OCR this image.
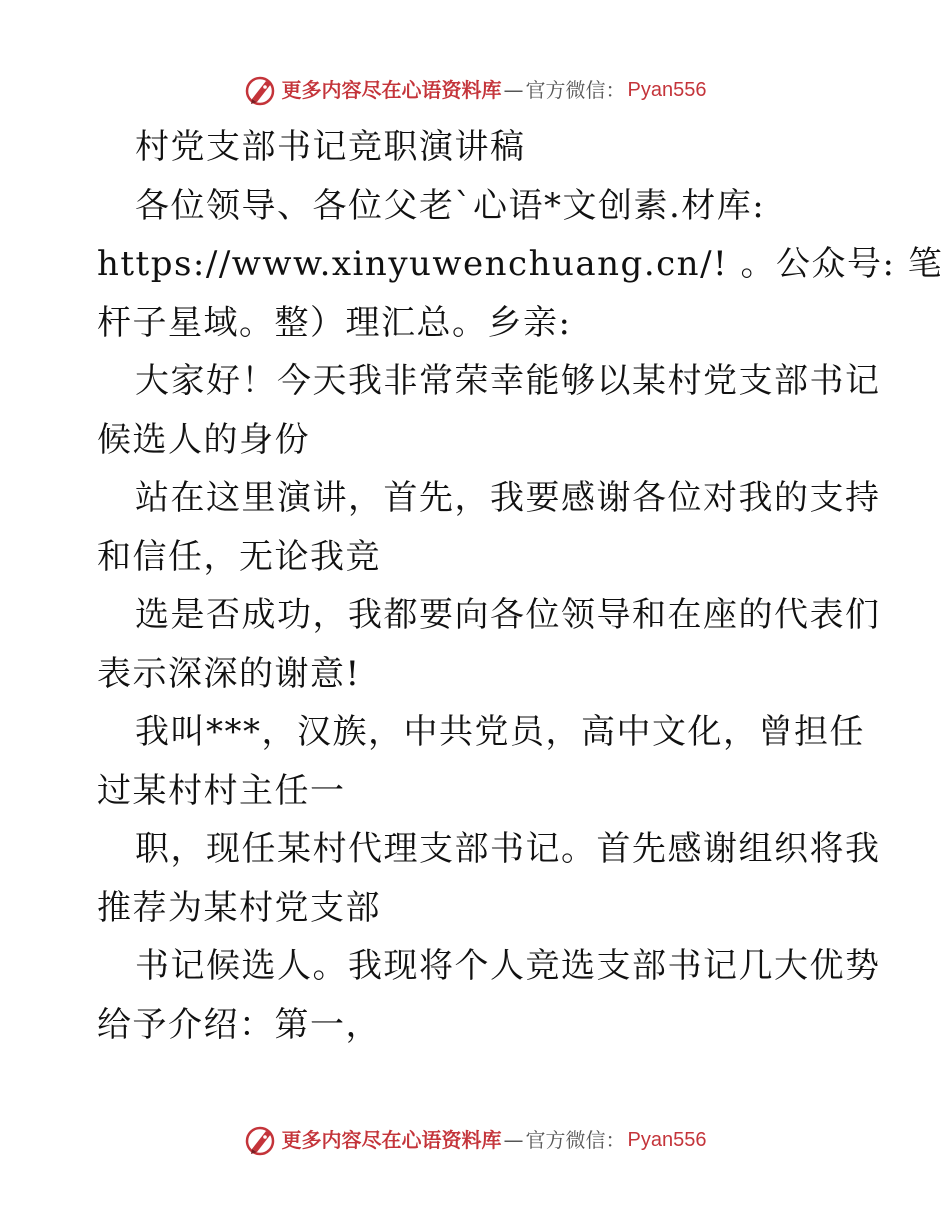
更多内容尽在心语资料库 — 官方微信： Pyan556

村党支部书记竞职演讲稿

各位领导、各位父老`心语*文创素.材库:

https://www.xinyuwenchuang.cn/! 。公众号: 笔

杆子星域。整）理汇总。乡亲:

大家好！今天我非常荣幸能够以某村党支部书记

候选人的身份

站在这里演讲，首先，我要感谢各位对我的支持

和信任，无论我竞

选是否成功，我都要向各位领导和在座的代表们

表示深深的谢意!

我叫***，汉族，中共党员，高中文化，曾担任

过某村村主任一

职，现任某村代理支部书记。首先感谢组织将我

推荐为某村党支部

书记候选人。我现将个人竞选支部书记几大优势

给予介绍：第一，

更多内容尽在心语资料库 — 官方微信： Pyan556
